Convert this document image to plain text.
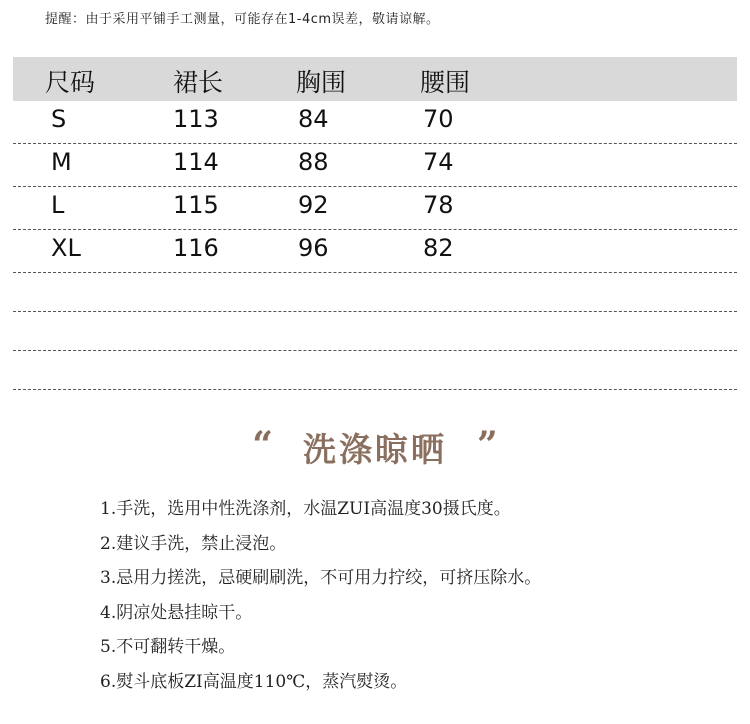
提醒：由于采用平铺手工测量，可能存在1-4cm误差，敬请谅解。
尺码	裙长	胸围	腰围
S	113	84	70
M	114	88	74
L	115	92	78
XL	116	96	82
“ 洗涤晾晒 ”
1.手洗，选用中性洗涤剂，水温ZUI高温度30摄氏度。
2.建议手洗，禁止浸泡。
3.忌用力搓洗，忌硬刷刷洗，不可用力拧绞，可挤压除水。
4.阴凉处悬挂晾干。
5.不可翻转干燥。
6.熨斗底板ZI高温度110℃，蒸汽熨烫。
